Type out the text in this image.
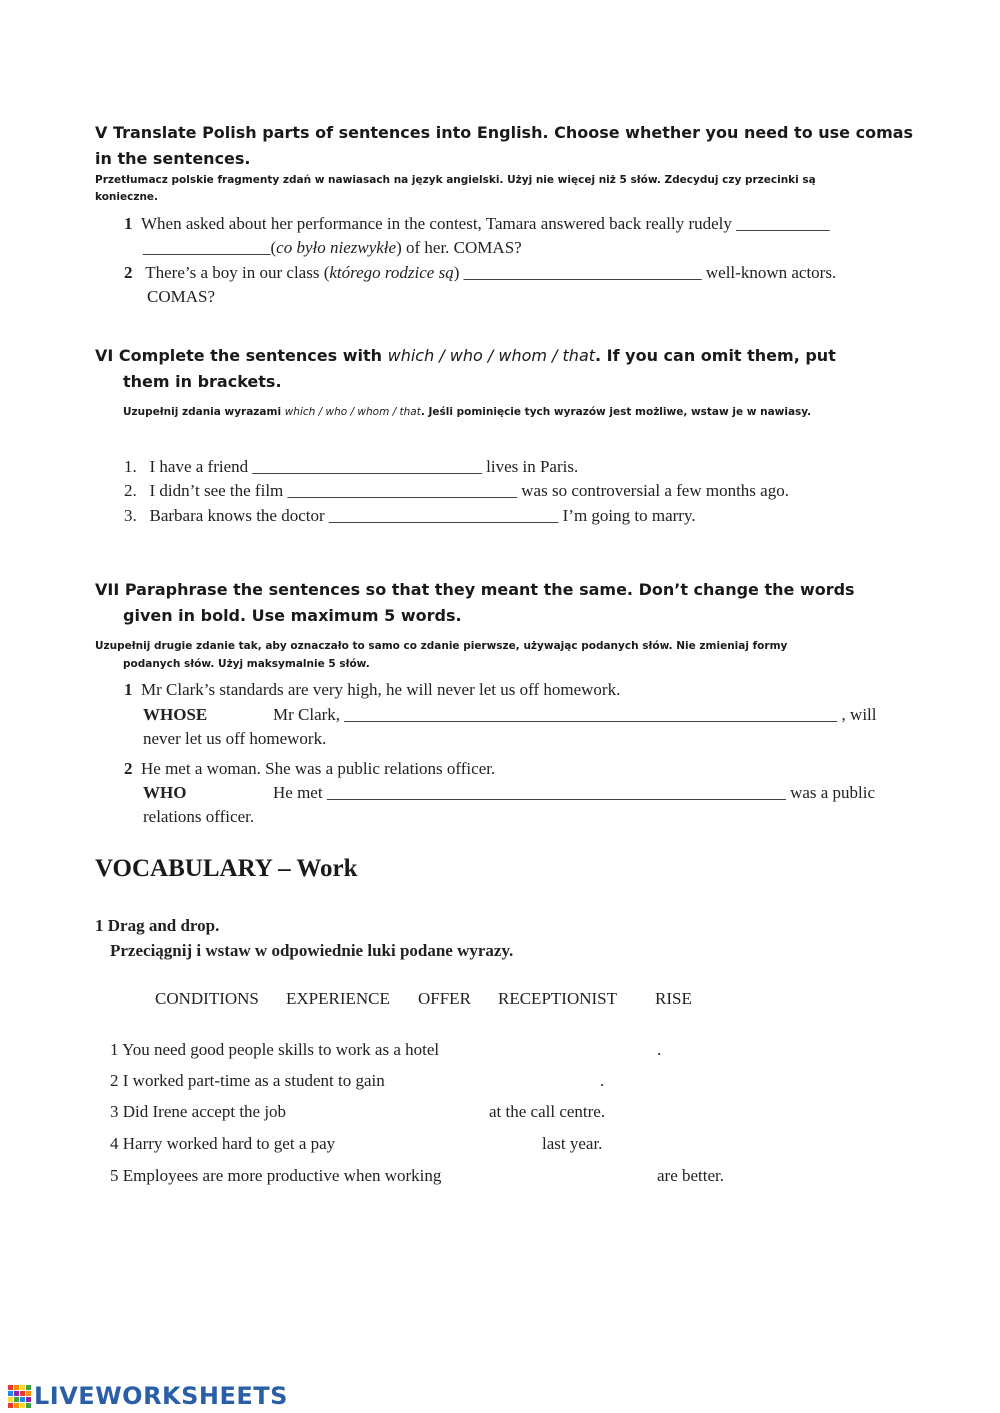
V Translate Polish parts of sentences into English. Choose whether you need to use comas
in the sentences.
Przetłumacz polskie fragmenty zdań w nawiasach na język angielski. Użyj nie więcej niż 5 słów. Zdecyduj czy przecinki są
konieczne.
1 When asked about her performance in the contest, Tamara answered back really rudely ___________
_______________(co było niezwykłe) of her. COMAS?
2 There’s a boy in our class (którego rodzice są) ____________________________ well-known actors.
COMAS?
VI Complete the sentences with which / who / whom / that. If you can omit them, put
them in brackets.
Uzupełnij zdania wyrazami which / who / whom / that. Jeśli pominięcie tych wyrazów jest możliwe, wstaw je w nawiasy.
1. I have a friend ___________________________ lives in Paris.
2. I didn’t see the film ___________________________ was so controversial a few months ago.
3. Barbara knows the doctor ___________________________ I’m going to marry.
VII Paraphrase the sentences so that they meant the same. Don’t change the words
given in bold. Use maximum 5 words.
Uzupełnij drugie zdanie tak, aby oznaczało to samo co zdanie pierwsze, używając podanych słów. Nie zmieniaj formy
podanych słów. Użyj maksymalnie 5 słów.
1 Mr Clark’s standards are very high, he will never let us off homework.
WHOSE	Mr Clark, __________________________________________________________ , will
never let us off homework.
2 He met a woman. She was a public relations officer.
WHO	He met ______________________________________________________ was a public
relations officer.
VOCABULARY – Work
1 Drag and drop.
Przeciągnij i wstaw w odpowiednie luki podane wyrazy.
CONDITIONS EXPERIENCE OFFER RECEPTIONIST RISE
1 You need good people skills to work as a hotel	.
2 I worked part-time as a student to gain	.
3 Did Irene accept the job	at the call centre.
4 Harry worked hard to get a pay	last year.
5 Employees are more productive when working	are better.
LIVEWORKSHEETS
